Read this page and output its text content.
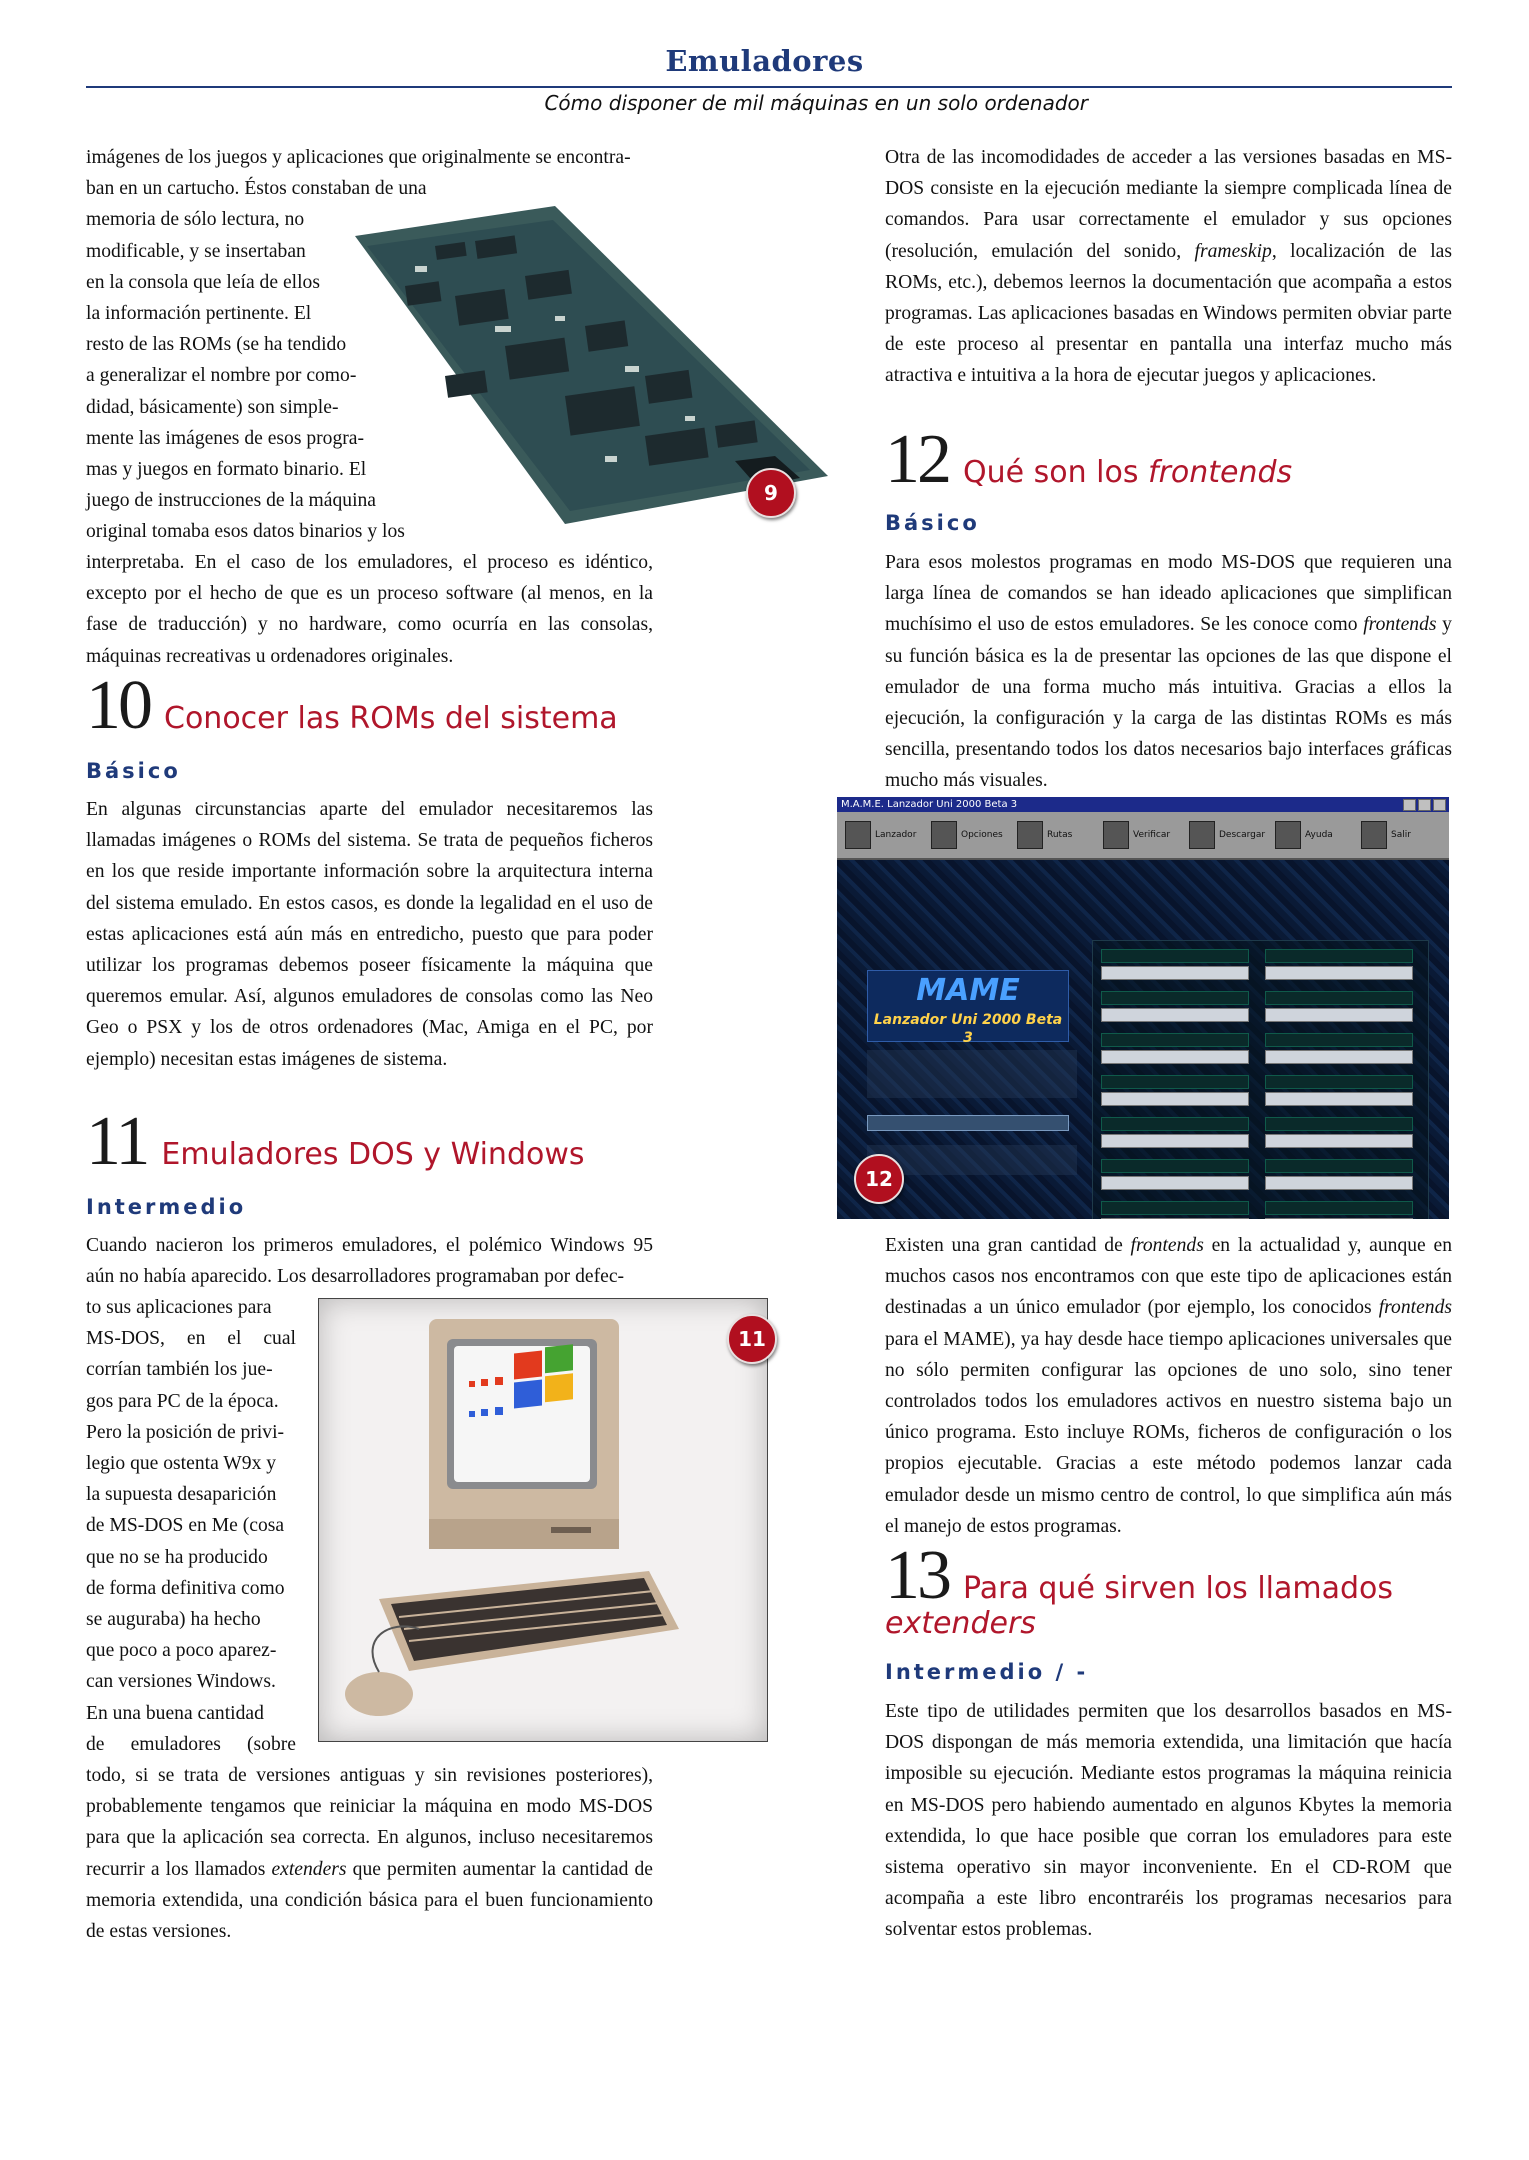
Emuladores
Cómo disponer de mil máquinas en un solo ordenador

imágenes de los juegos y aplicaciones que originalmente se encontra-
ban en un cartucho. Éstos constaban de una
memoria de sólo lectura, no
modificable, y se insertaban
en la consola que leía de ellos
la información pertinente. El
resto de las ROMs (se ha tendido
a generalizar el nombre por como-
didad, básicamente) son simple-
mente las imágenes de esos progra-
mas y juegos en formato binario. El
juego de instrucciones de la máquina
original tomaba esos datos binarios y los

interpretaba. En el caso de los emuladores, el proceso es idéntico, excepto por el hecho de que es un proceso software (al menos, en la fase de traducción) y no hardware, como ocurría en las consolas, máquinas recreativas u ordenadores originales.

9
10 Conocer las ROMs del sistema
Básico

En algunas circunstancias aparte del emulador necesitaremos las llamadas imágenes o ROMs del sistema. Se trata de pequeños ficheros en los que reside importante información sobre la arquitectura interna del sistema emulado. En estos casos, es donde la legalidad en el uso de estas aplicaciones está aún más en entredicho, puesto que para poder utilizar los programas debemos poseer físicamente la máquina que queremos emular. Así, algunos emuladores de consolas como las Neo Geo o PSX y los de otros ordenadores (Mac, Amiga en el PC, por ejemplo) necesitan estas imágenes de sistema.

11 Emuladores DOS y Windows
Intermedio

Cuando nacieron los primeros emuladores, el polémico Windows 95 aún no había aparecido. Los desarrolladores programaban por defec-

to sus aplicaciones para
MS-DOS, en el cual
corrían también los jue-
gos para PC de la época.
Pero la posición de privi-
legio que ostenta W9x y
la supuesta desaparición
de MS-DOS en Me (cosa
que no se ha producido
de forma definitiva como
se auguraba) ha hecho
que poco a poco aparez-
can versiones Windows.
En una buena cantidad
de emuladores (sobre

todo, si se trata de versiones antiguas y sin revisiones posteriores), probablemente tengamos que reiniciar la máquina en modo MS-DOS para que la aplicación sea correcta. En algunos, incluso necesitaremos recurrir a los llamados extenders que permiten aumentar la cantidad de memoria extendida, una condición básica para el buen funcionamiento de estas versiones.

11

Otra de las incomodidades de acceder a las versiones basadas en MS-DOS consiste en la ejecución mediante la siempre complicada línea de comandos. Para usar correctamente el emulador y sus opciones (resolución, emulación del sonido, frameskip, localización de las ROMs, etc.), debemos leernos la documentación que acompaña a estos programas. Las aplicaciones basadas en Windows permiten obviar parte de este proceso al presentar en pantalla una interfaz mucho más atractiva e intuitiva a la hora de ejecutar juegos y aplicaciones.

12 Qué son los frontends
Básico

Para esos molestos programas en modo MS-DOS que requieren una larga línea de comandos se han ideado aplicaciones que simplifican muchísimo el uso de estos emuladores. Se les conoce como frontends y su función básica es la de presentar las opciones de las que dispone el emulador de una forma mucho más intuitiva. Gracias a ellos la ejecución, la configuración y la carga de las distintas ROMs es más sencilla, presentando todos los datos necesarios bajo interfaces gráficas mucho más visuales.

M.A.M.E. Lanzador Uni 2000 Beta 3
Lanzador	Opciones	Rutas	Verificar	Descargar	Ayuda	Salir
MAME
Lanzador Uni 2000 Beta 3
12

Existen una gran cantidad de frontends en la actualidad y, aunque en muchos casos nos encontramos con que este tipo de aplicaciones están destinadas a un único emulador (por ejemplo, los conocidos frontends para el MAME), ya hay desde hace tiempo aplicaciones universales que no sólo permiten configurar las opciones de uno solo, sino tener controlados todos los emuladores activos en nuestro sistema bajo un único programa. Esto incluye ROMs, ficheros de configuración o los propios ejecutable. Gracias a este método podemos lanzar cada emulador desde un mismo centro de control, lo que simplifica aún más el manejo de estos programas.

13 Para qué sirven los llamados
extenders
Intermedio / -

Este tipo de utilidades permiten que los desarrollos basados en MS-DOS dispongan de más memoria extendida, una limitación que hacía imposible su ejecución. Mediante estos programas la máquina reinicia en MS-DOS pero habiendo aumentado en algunos Kbytes la memoria extendida, lo que hace posible que corran los emuladores para este sistema operativo sin mayor inconveniente. En el CD-ROM que acompaña a este libro encontraréis los programas necesarios para solventar estos problemas.
